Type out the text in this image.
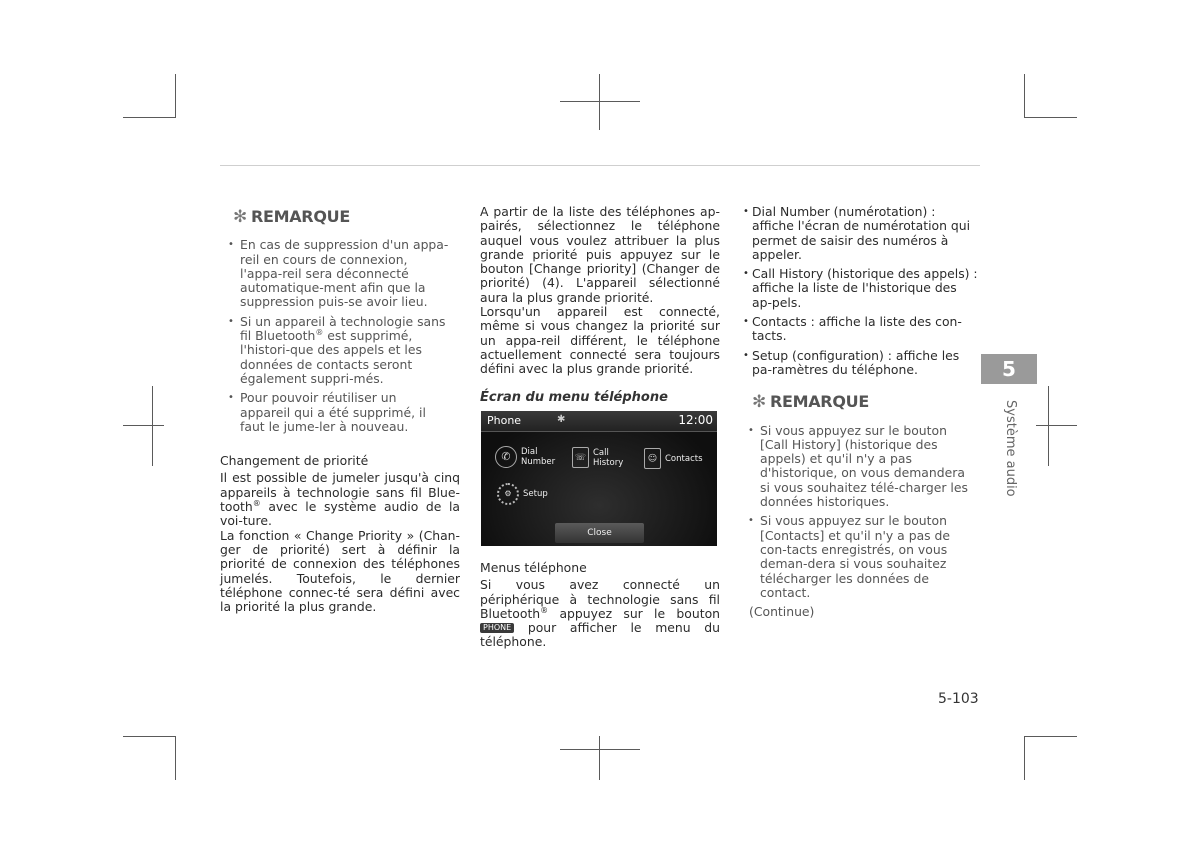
✻ REMARQUE
• En cas de suppression d'un appa-reil en cours de connexion, l'appa-reil sera déconnecté automatique-ment afin que la suppression puis-se avoir lieu.
• Si un appareil à technologie sans fil Bluetooth® est supprimé, l'histori-que des appels et les données de contacts seront également suppri-més.
• Pour pouvoir réutiliser un appareil qui a été supprimé, il faut le jume-ler à nouveau.

Changement de priorité

Il est possible de jumeler jusqu'à cinq appareils à technologie sans fil Blue-tooth® avec le système audio de la voi-ture.

La fonction « Change Priority » (Chan-ger de priorité) sert à définir la priorité de connexion des téléphones jumelés. Toutefois, le dernier téléphone connec-té sera défini avec la priorité la plus grande.

A partir de la liste des téléphones ap-pairés, sélectionnez le téléphone auquel vous voulez attribuer la plus grande priorité puis appuyez sur le bouton [Change priority] (Changer de priorité) (4). L'appareil sélectionné aura la plus grande priorité.

Lorsqu'un appareil est connecté, même si vous changez la priorité sur un appa-reil différent, le téléphone actuellement connecté sera toujours défini avec la plus grande priorité.

Écran du menu téléphone

Phone	✱	12:00
✆	Dial
Number	☏ Call
History	☺ Contacts
⚙	Setup
Close

Menus téléphone

Si vous avez connecté un périphérique à technologie sans fil Bluetooth® appuyez sur le bouton PHONE pour afficher le menu du téléphone.

• Dial Number (numérotation) : affiche l'écran de numérotation qui permet de saisir des numéros à appeler.
• Call History (historique des appels) : affiche la liste de l'historique des ap-pels.
• Contacts : affiche la liste des con-tacts.
• Setup (configuration) : affiche les pa-ramètres du téléphone.
✻ REMARQUE
• Si vous appuyez sur le bouton [Call History] (historique des appels) et qu'il n'y a pas d'historique, on vous demandera si vous souhaitez télé-charger les données historiques.
• Si vous appuyez sur le bouton [Contacts] et qu'il n'y a pas de con-tacts enregistrés, on vous deman-dera si vous souhaitez télécharger les données de contact.

(Continue)

5
Système audio
5-103
